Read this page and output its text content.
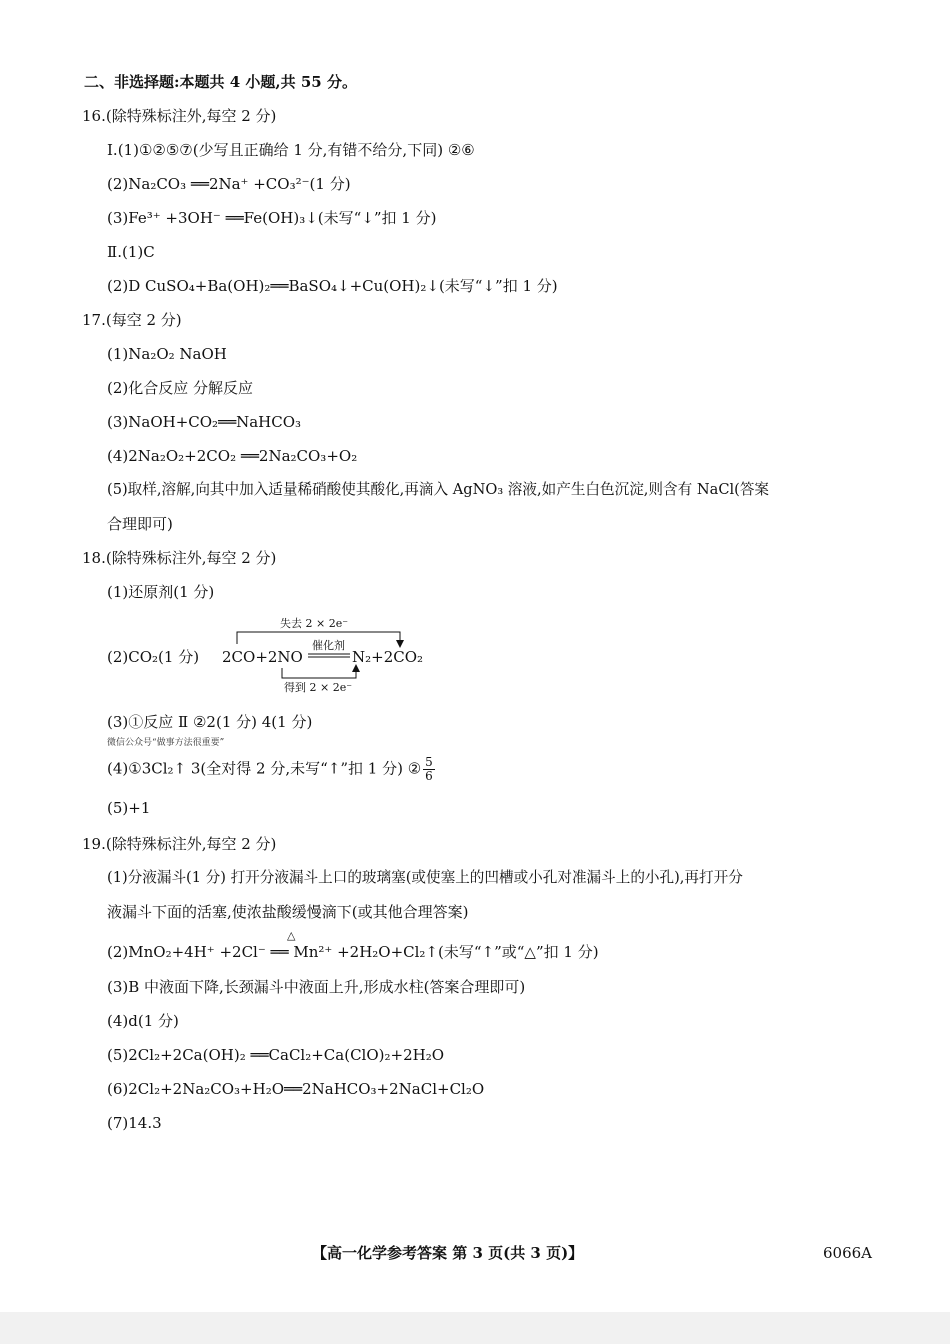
二、非选择题:本题共 4 小题,共 55 分。
16.(除特殊标注外,每空 2 分)
Ⅰ.(1)①②⑤⑦(少写且正确给 1 分,有错不给分,下同) ②⑥
(2)Na₂CO₃ ══2Na⁺ +CO₃²⁻(1 分)
(3)Fe³⁺ +3OH⁻ ══Fe(OH)₃↓(未写“↓”扣 1 分)
Ⅱ.(1)C
(2)D CuSO₄+Ba(OH)₂══BaSO₄↓+Cu(OH)₂↓(未写“↓”扣 1 分)
17.(每空 2 分)
(1)Na₂O₂ NaOH
(2)化合反应 分解反应
(3)NaOH+CO₂══NaHCO₃
(4)2Na₂O₂+2CO₂ ══2Na₂CO₃+O₂
(5)取样,溶解,向其中加入适量稀硝酸使其酸化,再滴入 AgNO₃ 溶液,如产生白色沉淀,则含有 NaCl(答案
合理即可)
18.(除特殊标注外,每空 2 分)
(1)还原剂(1 分)
(2)CO₂(1 分)
失去 2 × 2e⁻
催化剂
2CO+2NO	N₂+2CO₂
得到 2 × 2e⁻
(3)①反应 Ⅱ ②2(1 分) 4(1 分)
微信公众号“做事方法很重要”
(4)①3Cl₂↑ 3(全对得 2 分,未写“↑”扣 1 分) ② $\frac{5}{6}$
(5)+1
19.(除特殊标注外,每空 2 分)
(1)分液漏斗(1 分) 打开分液漏斗上口的玻璃塞(或使塞上的凹槽或小孔对准漏斗上的小孔),再打开分
液漏斗下面的活塞,使浓盐酸缓慢滴下(或其他合理答案)
(2)MnO₂+4H⁺ +2Cl⁻ ══ Mn²⁺ +2H₂O+Cl₂↑(未写“↑”或“△”扣 1 分)
△
(3)B 中液面下降,长颈漏斗中液面上升,形成水柱(答案合理即可)
(4)d(1 分)
(5)2Cl₂+2Ca(OH)₂ ══CaCl₂+Ca(ClO)₂+2H₂O
(6)2Cl₂+2Na₂CO₃+H₂O══2NaHCO₃+2NaCl+Cl₂O
(7)14.3
【高一化学参考答案 第 3 页(共 3 页)】	6066A
